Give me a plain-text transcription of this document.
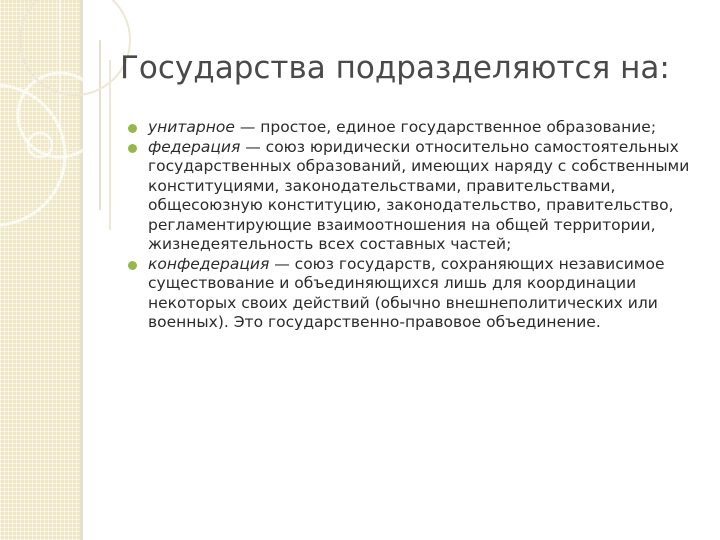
Государства подразделяются на:
унитарное — простое, единое государственное образование;
федерация — союз юридически относительно самостоятельных государственных образований, имеющих наряду с собственными конституциями, законодательствами, правительствами, общесоюзную конституцию, законодательство, правительство, регламентирующие взаимоотношения на общей территории, жизнедеятельность всех составных частей;
конфедерация — союз государств, сохраняющих независимое существование и объединяющихся лишь для координации некоторых своих действий (обычно внешнеполитических или военных). Это государственно-правовое объединение.
